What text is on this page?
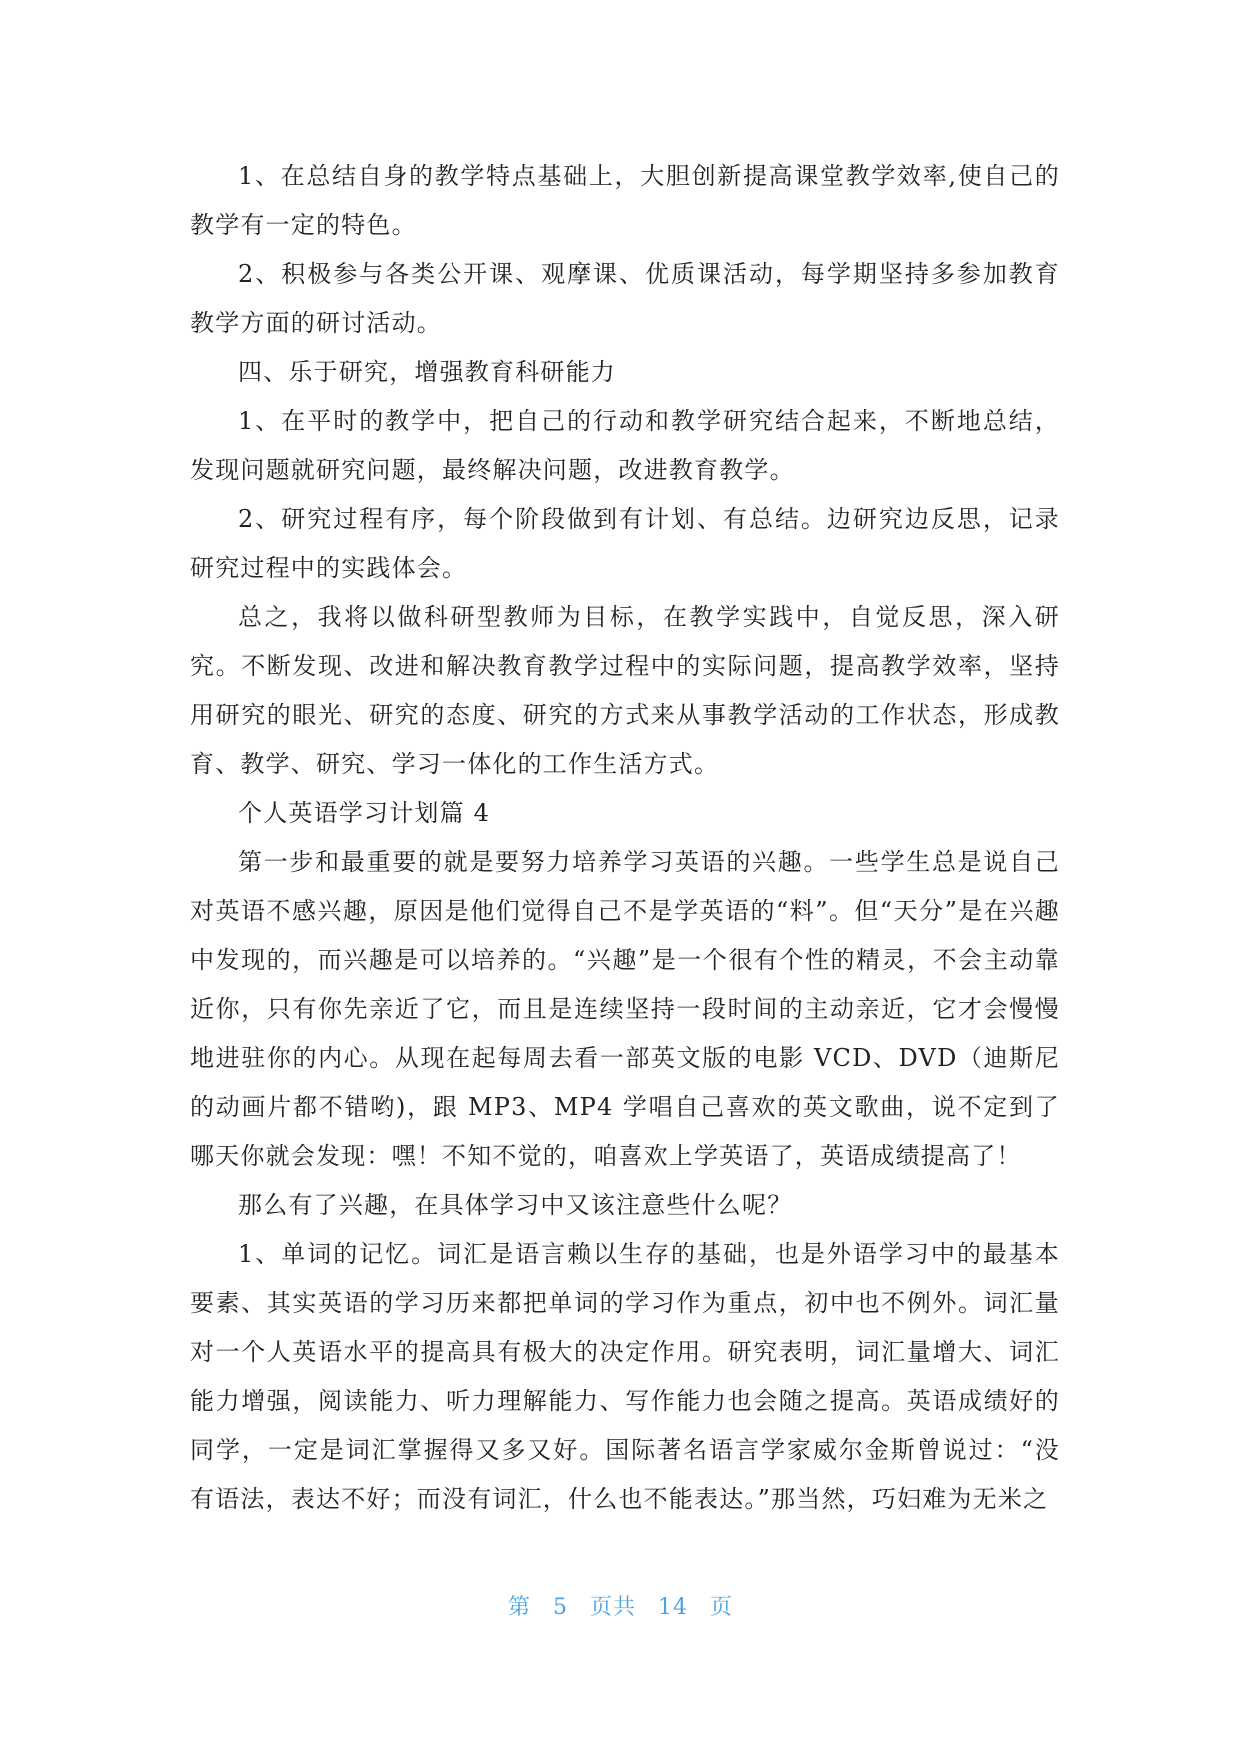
1、在总结自身的教学特点基础上，大胆创新提高课堂教学效率,使自己的教学有一定的特色。

2、积极参与各类公开课、观摩课、优质课活动，每学期坚持多参加教育教学方面的研讨活动。

四、乐于研究，增强教育科研能力

1、在平时的教学中，把自己的行动和教学研究结合起来，不断地总结，发现问题就研究问题，最终解决问题，改进教育教学。

2、研究过程有序，每个阶段做到有计划、有总结。边研究边反思，记录研究过程中的实践体会。

总之，我将以做科研型教师为目标，在教学实践中，自觉反思，深入研究。不断发现、改进和解决教育教学过程中的实际问题，提高教学效率，坚持用研究的眼光、研究的态度、研究的方式来从事教学活动的工作状态，形成教育、教学、研究、学习一体化的工作生活方式。

个人英语学习计划篇 4

第一步和最重要的就是要努力培养学习英语的兴趣。一些学生总是说自己对英语不感兴趣，原因是他们觉得自己不是学英语的“料”。但“天分”是在兴趣中发现的，而兴趣是可以培养的。“兴趣”是一个很有个性的精灵，不会主动靠近你，只有你先亲近了它，而且是连续坚持一段时间的主动亲近，它才会慢慢地进驻你的内心。从现在起每周去看一部英文版的电影 VCD、DVD（迪斯尼的动画片都不错哟)，跟 MP3、MP4 学唱自己喜欢的英文歌曲，说不定到了哪天你就会发现：嘿！不知不觉的，咱喜欢上学英语了，英语成绩提高了！

那么有了兴趣，在具体学习中又该注意些什么呢？

1、单词的记忆。词汇是语言赖以生存的基础，也是外语学习中的最基本要素、其实英语的学习历来都把单词的学习作为重点，初中也不例外。词汇量对一个人英语水平的提高具有极大的决定作用。研究表明，词汇量增大、词汇能力增强，阅读能力、听力理解能力、写作能力也会随之提高。英语成绩好的同学，一定是词汇掌握得又多又好。国际著名语言学家威尔金斯曾说过：“没有语法，表达不好；而没有词汇，什么也不能表达。”那当然，巧妇难为无米之

第 5 页共 14 页
